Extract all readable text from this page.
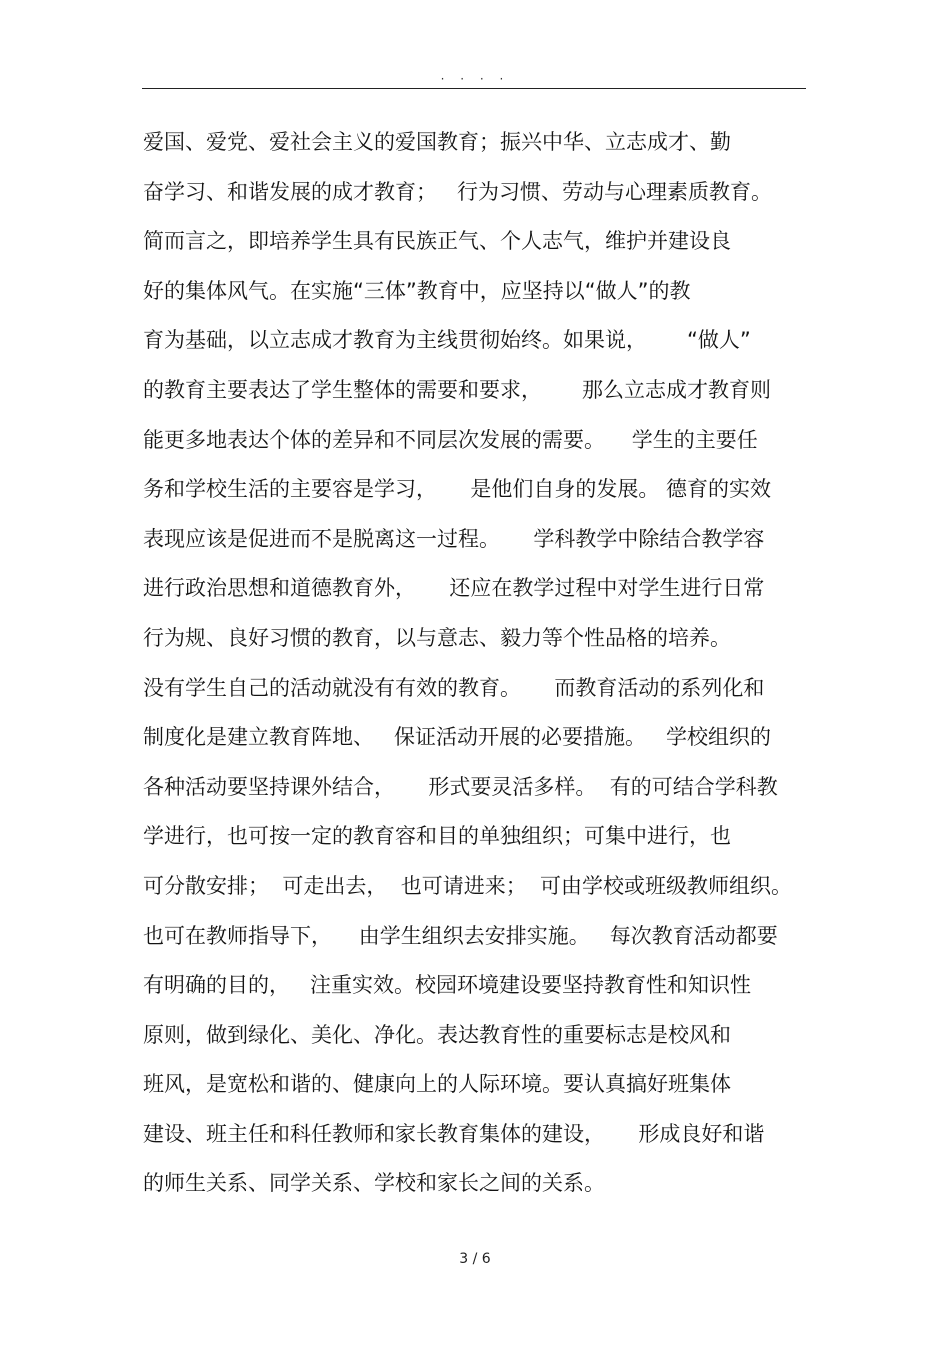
· · · ·
爱国、爱党、爱社会主义的爱国教育；振兴中华、立志成才、勤
奋学习、和谐发展的成才教育；   行为习惯、劳动与心理素质教育。
简而言之，即培养学生具有民族正气、个人志气，维护并建设良
好的集体风气。在实施“三体”教育中，应坚持以“做人”的教
育为基础，以立志成才教育为主线贯彻始终。如果说，      “做人”
的教育主要表达了学生整体的需要和要求，      那么立志成才教育则
能更多地表达个体的差异和不同层次发展的需要。    学生的主要任
务和学校生活的主要容是学习，     是他们自身的发展。 德育的实效
表现应该是促进而不是脱离这一过程。     学科教学中除结合教学容
进行政治思想和道德教育外，     还应在教学过程中对学生进行日常
行为规、良好习惯的教育，以与意志、毅力等个性品格的培养。
没有学生自己的活动就没有有效的教育。     而教育活动的系列化和
制度化是建立教育阵地、   保证活动开展的必要措施。   学校组织的
各种活动要坚持课外结合，     形式要灵活多样。  有的可结合学科教
学进行，也可按一定的教育容和目的单独组织；可集中进行，也
可分散安排；  可走出去，  也可请进来；  可由学校或班级教师组织。
也可在教师指导下，    由学生组织去安排实施。   每次教育活动都要
有明确的目的，   注重实效。校园环境建设要坚持教育性和知识性
原则，做到绿化、美化、净化。表达教育性的重要标志是校风和
班风，是宽松和谐的、健康向上的人际环境。要认真搞好班集体
建设、班主任和科任教师和家长教育集体的建设，     形成良好和谐
的师生关系、同学关系、学校和家长之间的关系。
3 / 6
